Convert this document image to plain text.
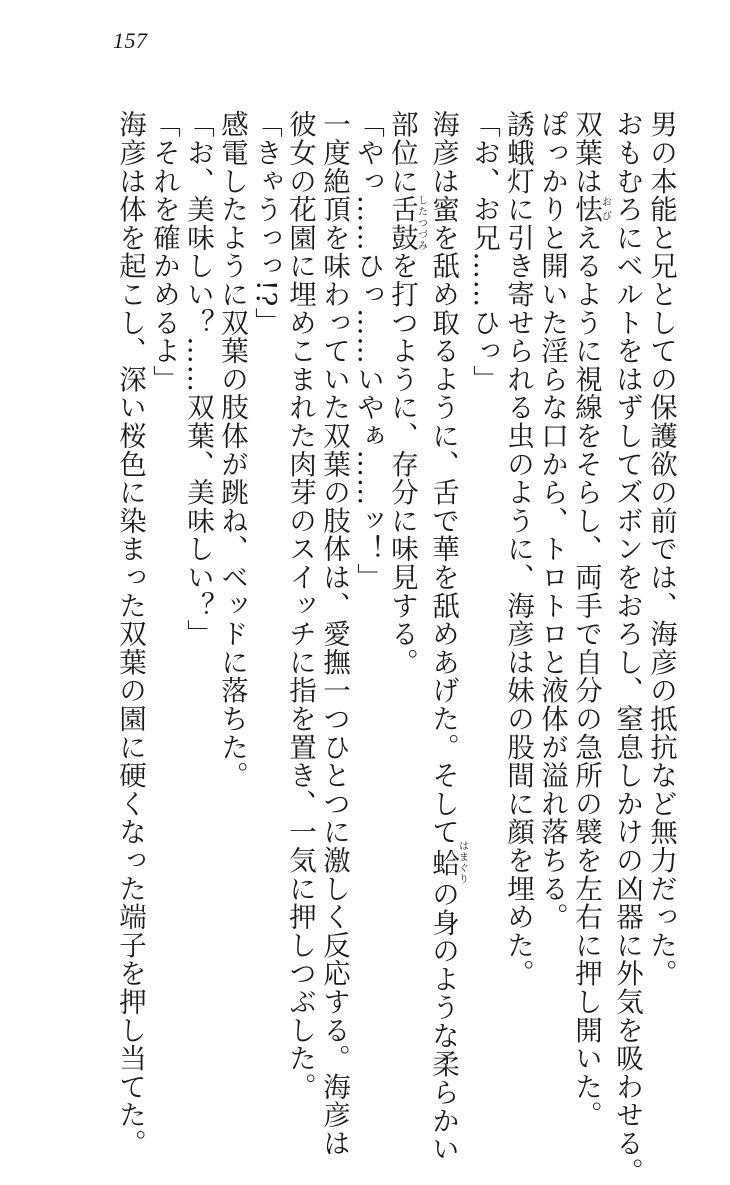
157

男の本能と兄としての保護欲の前では、海彦の抵抗など無力だった。

おもむろにベルトをはずしてズボンをおろし、窒息しかけの凶器に外気を吸わせる。

双葉は怯おびえるように視線をそらし、両手で自分の急所の襞を左右に押し開いた。

ぽっかりと開いた淫らな口から、トロトロと液体が溢れ落ちる。

誘蛾灯に引き寄せられる虫のように、海彦は妹の股間に顔を埋めた。

「お、お兄……ひっ」

海彦は蜜を舐め取るように、舌で華を舐めあげた。そして蛤はまぐりの身のような柔らかい

部位に舌鼓したつづみを打つように、存分に味見する。

「やっ……ひっ……いやぁ……ッ！」

一度絶頂を味わっていた双葉の肢体は、愛撫一つひとつに激しく反応する。海彦は

彼女の花園に埋めこまれた肉芽のスイッチに指を置き、一気に押しつぶした。

「きゃうっっ!?」

感電したように双葉の肢体が跳ね、ベッドに落ちた。

「お、美味しい？……双葉、美味しい？」

「それを確かめるよ」

海彦は体を起こし、深い桜色に染まった双葉の園に硬くなった端子を押し当てた。
